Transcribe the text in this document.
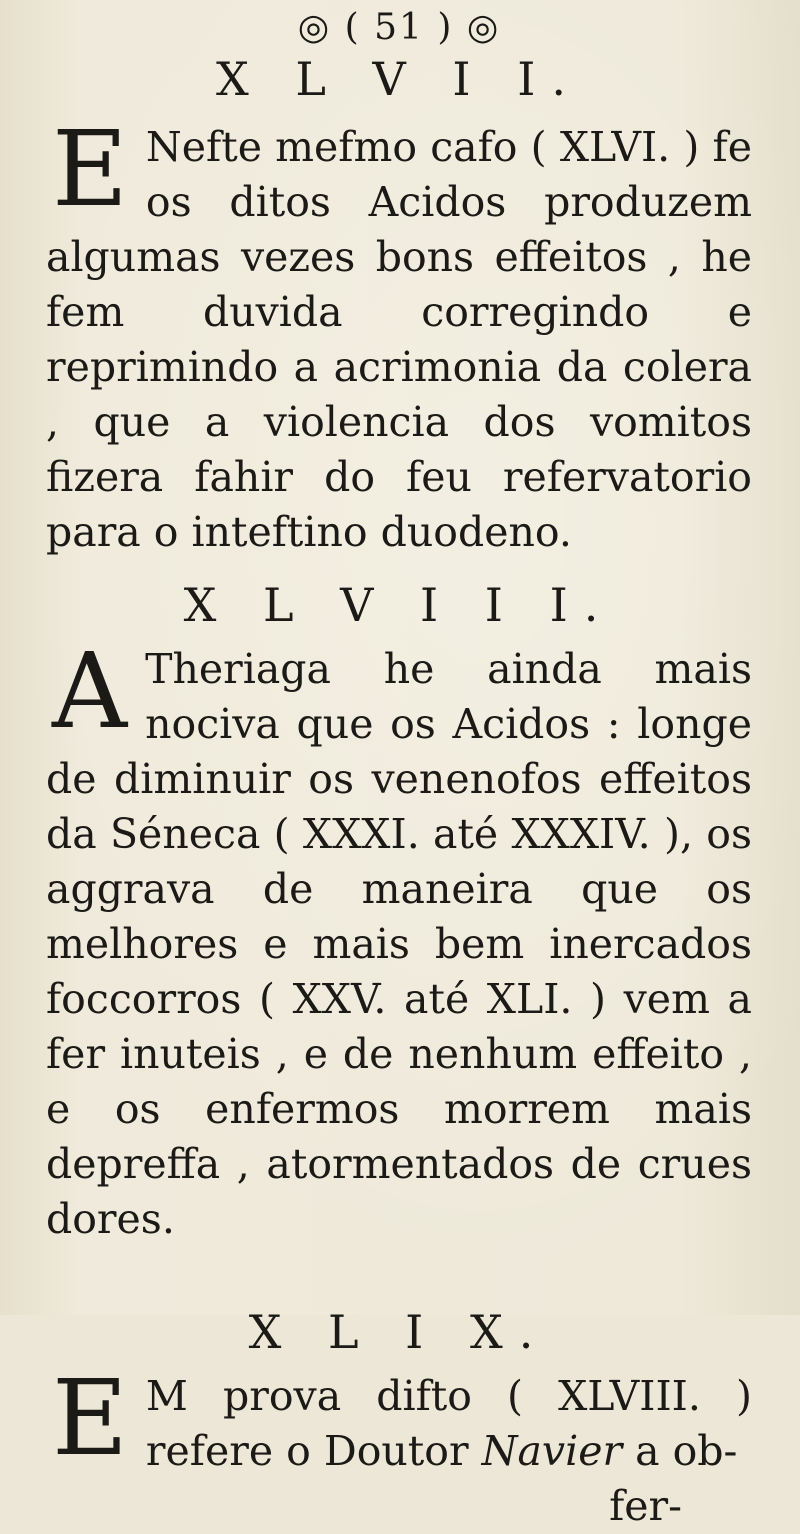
◎ ( 51 ) ◎
X L V I I.

E Nefte mefmo cafo ( XLVI. ) fe os ditos Acidos produzem algumas vezes bons effeitos , he fem duvida corregindo e reprimindo a acrimonia da colera , que a violencia dos vomitos fizera fahir do feu refervatorio para o inteftino duodeno.

X L V I I I.

A Theriaga he ainda mais nociva que os Acidos : longe de diminuir os venenofos effeitos da Séneca ( XXXI. até XXXIV. ), os aggrava de maneira que os melhores e mais bem inercados foccorros ( XXV. até XLI. ) vem a fer inuteis , e de nenhum effeito , e os enfermos morrem mais depreffa , atormentados de crues dores.

X L I X.

E M prova difto ( XLVIII. ) refere o Doutor Navier a ob-

fer-
